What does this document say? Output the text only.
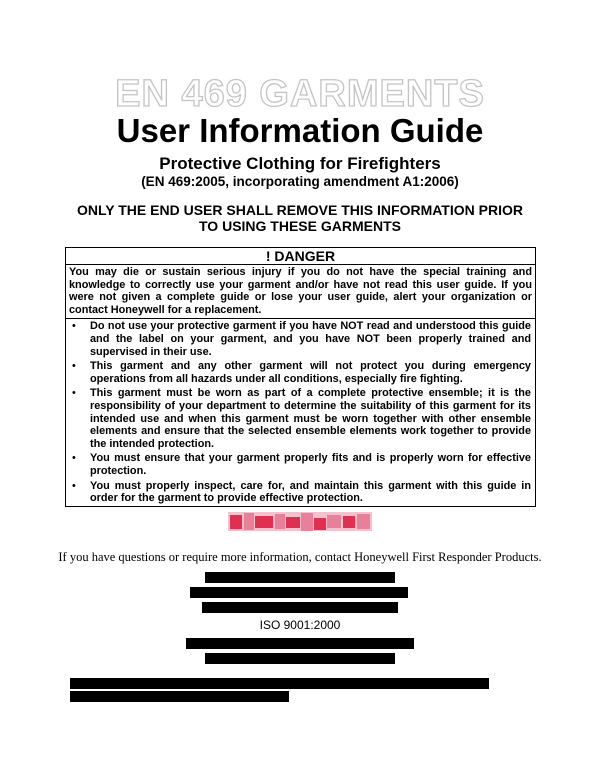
EN 469 GARMENTS
User Information Guide
Protective Clothing for Firefighters
(EN 469:2005, incorporating amendment A1:2006)
ONLY THE END USER SHALL REMOVE THIS INFORMATION PRIOR
TO USING THESE GARMENTS
! DANGER
You may die or sustain serious injury if you do not have the special training and knowledge to correctly use your garment and/or have not read this user guide. If you were not given a complete guide or lose your user guide, alert your organization or contact Honeywell for a replacement.
• Do not use your protective garment if you have NOT read and understood this guide and the label on your garment, and you have NOT been properly trained and supervised in their use.
• This garment and any other garment will not protect you during emergency operations from all hazards under all conditions, especially fire fighting.
• This garment must be worn as part of a complete protective ensemble; it is the responsibility of your department to determine the suitability of this garment for its intended use and when this garment must be worn together with other ensemble elements and ensure that the selected ensemble elements work together to provide the intended protection.
• You must ensure that your garment properly fits and is properly worn for effective protection.
• You must properly inspect, care for, and maintain this garment with this guide in order for the garment to provide effective protection.
If you have questions or require more information, contact Honeywell First Responder Products.
ISO 9001:2000
